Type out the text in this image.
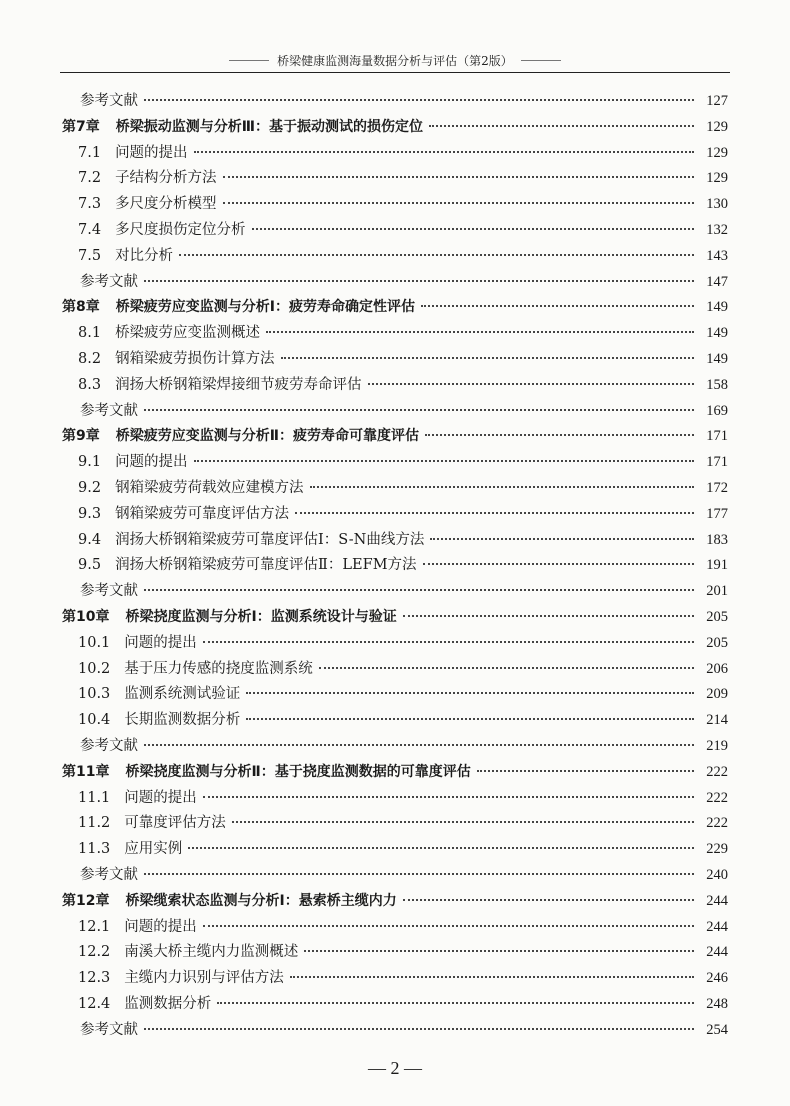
桥梁健康监测海量数据分析与评估（第2版）
参考文献	127
第7章 桥梁振动监测与分析Ⅲ：基于振动测试的损伤定位	129
7.1 问题的提出	129
7.2 子结构分析方法	129
7.3 多尺度分析模型	130
7.4 多尺度损伤定位分析	132
7.5 对比分析	143
参考文献	147
第8章 桥梁疲劳应变监测与分析Ⅰ：疲劳寿命确定性评估	149
8.1 桥梁疲劳应变监测概述	149
8.2 钢箱梁疲劳损伤计算方法	149
8.3 润扬大桥钢箱梁焊接细节疲劳寿命评估	158
参考文献	169
第9章 桥梁疲劳应变监测与分析Ⅱ：疲劳寿命可靠度评估	171
9.1 问题的提出	171
9.2 钢箱梁疲劳荷载效应建模方法	172
9.3 钢箱梁疲劳可靠度评估方法	177
9.4 润扬大桥钢箱梁疲劳可靠度评估Ⅰ：S-N曲线方法	183
9.5 润扬大桥钢箱梁疲劳可靠度评估Ⅱ：LEFM方法	191
参考文献	201
第10章 桥梁挠度监测与分析Ⅰ：监测系统设计与验证	205
10.1 问题的提出	205
10.2 基于压力传感的挠度监测系统	206
10.3 监测系统测试验证	209
10.4 长期监测数据分析	214
参考文献	219
第11章 桥梁挠度监测与分析Ⅱ：基于挠度监测数据的可靠度评估	222
11.1 问题的提出	222
11.2 可靠度评估方法	222
11.3 应用实例	229
参考文献	240
第12章 桥梁缆索状态监测与分析Ⅰ：悬索桥主缆内力	244
12.1 问题的提出	244
12.2 南溪大桥主缆内力监测概述	244
12.3 主缆内力识别与评估方法	246
12.4 监测数据分析	248
参考文献	254
— 2 —
